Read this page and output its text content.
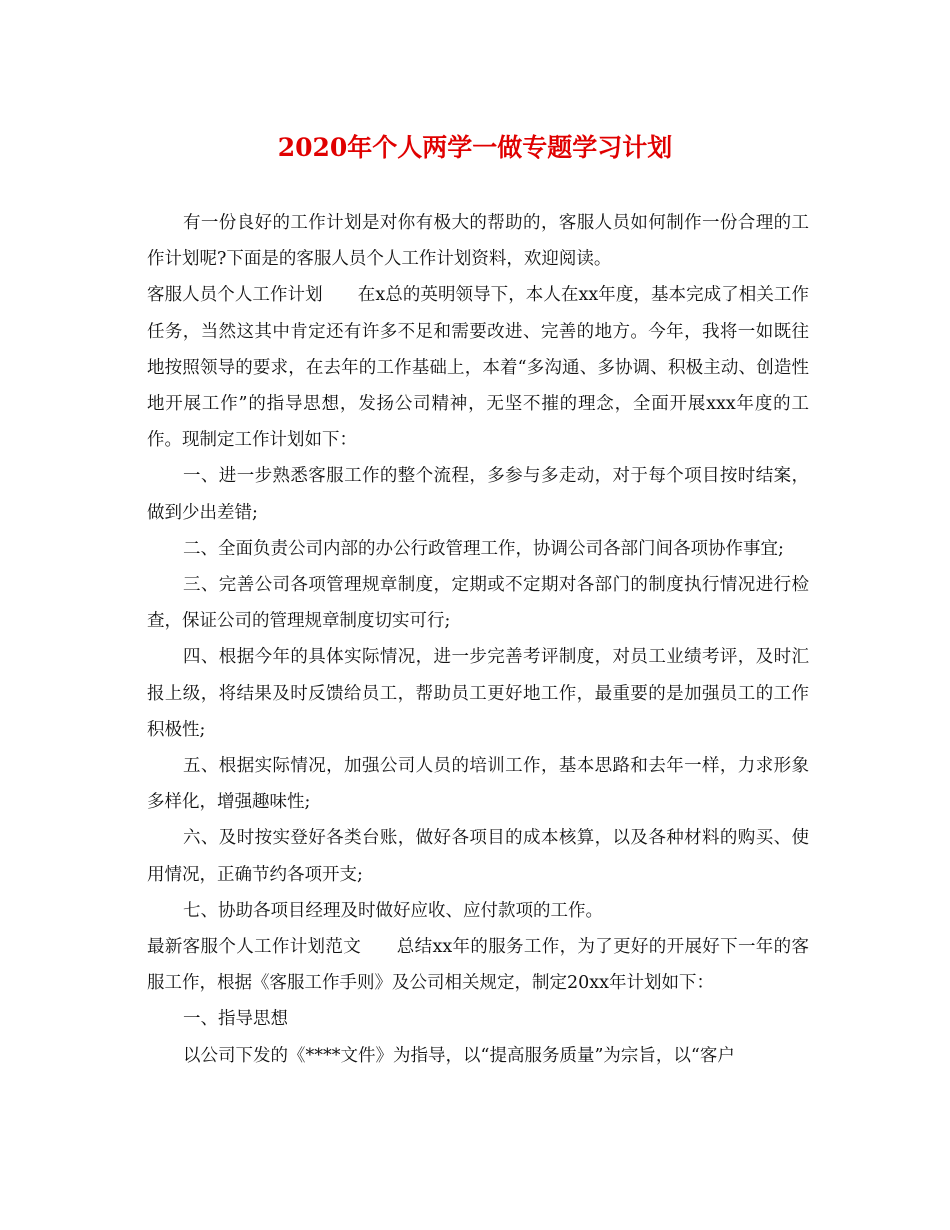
2020年个人两学一做专题学习计划

有一份良好的工作计划是对你有极大的帮助的，客服人员如何制作一份合理的工作计划呢?下面是的客服人员个人工作计划资料，欢迎阅读。

客服人员个人工作计划　　在x总的英明领导下，本人在xx年度，基本完成了相关工作任务，当然这其中肯定还有许多不足和需要改进、完善的地方。今年，我将一如既往地按照领导的要求，在去年的工作基础上，本着“多沟通、多协调、积极主动、创造性地开展工作”的指导思想，发扬公司精神，无坚不摧的理念，全面开展xxx年度的工作。现制定工作计划如下：

一、进一步熟悉客服工作的整个流程，多参与多走动，对于每个项目按时结案，做到少出差错;

二、全面负责公司内部的办公行政管理工作，协调公司各部门间各项协作事宜;

三、完善公司各项管理规章制度，定期或不定期对各部门的制度执行情况进行检查，保证公司的管理规章制度切实可行;

四、根据今年的具体实际情况，进一步完善考评制度，对员工业绩考评，及时汇报上级，将结果及时反馈给员工，帮助员工更好地工作，最重要的是加强员工的工作积极性;

五、根据实际情况，加强公司人员的培训工作，基本思路和去年一样，力求形象多样化，增强趣味性;

六、及时按实登好各类台账，做好各项目的成本核算，以及各种材料的购买、使用情况，正确节约各项开支;

七、协助各项目经理及时做好应收、应付款项的工作。

最新客服个人工作计划范文　　总结xx年的服务工作，为了更好的开展好下一年的客服工作，根据《客服工作手则》及公司相关规定，制定20xx年计划如下：

一、指导思想

以公司下发的《****文件》为指导，以“提高服务质量”为宗旨，以“客户
